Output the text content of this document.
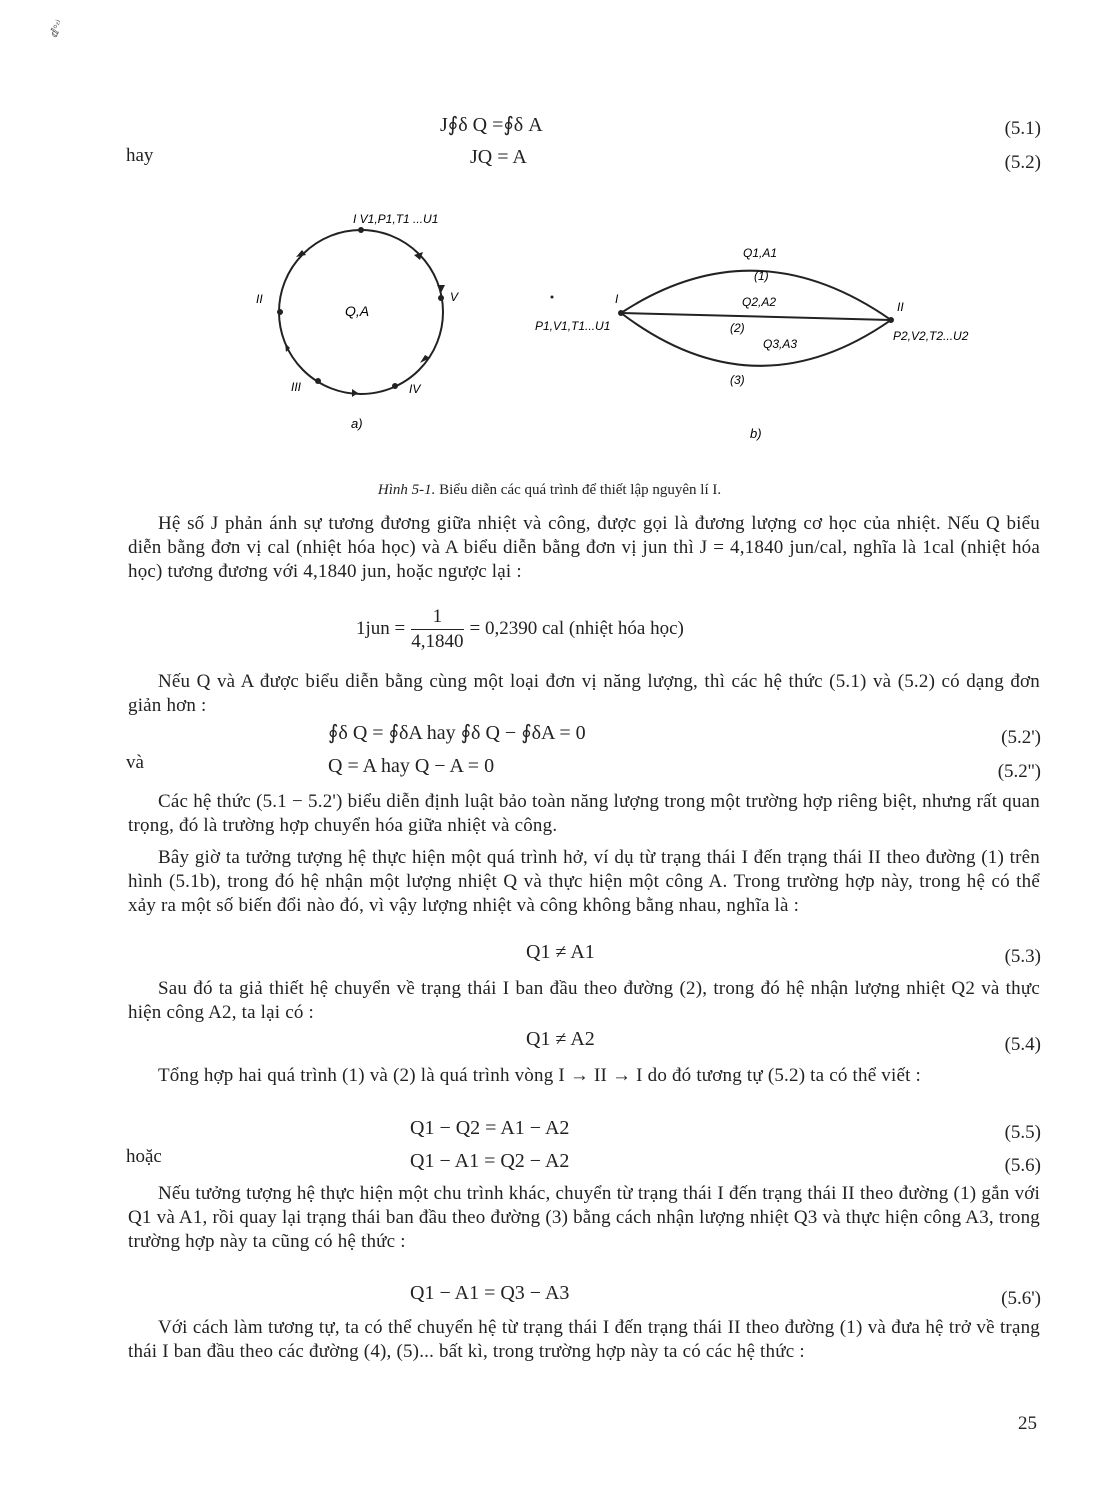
ⅆ°ᶻⁱ
J∮δ Q =∮δ A	(5.1)
hay	JQ = A	(5.2)
Q,A
I V1,P1,T1 ...U1
V
II
III	IV
a)
I
P1,V1,T1...U1
II
P2,V2,T2...U2
Q1,A1
(1)
Q2,A2
(2)
Q3,A3
(3)
b)
Hình 5-1. Biểu diễn các quá trình để thiết lập nguyên lí I.
Hệ số J phản ánh sự tương đương giữa nhiệt và công, được gọi là đương lượng cơ học của nhiệt. Nếu Q biểu diễn bằng đơn vị cal (nhiệt hóa học) và A biểu diễn bằng đơn vị jun thì J = 4,1840 jun/cal, nghĩa là 1cal (nhiệt hóa học) tương đương với 4,1840 jun, hoặc ngược lại :
$1jun = \frac{1}{4,1840} = 0,2390$ cal (nhiệt hóa học)
Nếu Q và A được biểu diễn bằng cùng một loại đơn vị năng lượng, thì các hệ thức (5.1) và (5.2) có dạng đơn giản hơn :
∮δ Q = ∮δA hay ∮δ Q − ∮δA = 0	(5.2')
và	Q = A hay Q − A = 0	(5.2'')
Các hệ thức (5.1 − 5.2') biểu diễn định luật bảo toàn năng lượng trong một trường hợp riêng biệt, nhưng rất quan trọng, đó là trường hợp chuyển hóa giữa nhiệt và công.
Bây giờ ta tưởng tượng hệ thực hiện một quá trình hở, ví dụ từ trạng thái I đến trạng thái II theo đường (1) trên hình (5.1b), trong đó hệ nhận một lượng nhiệt Q và thực hiện một công A. Trong trường hợp này, trong hệ có thể xảy ra một số biến đổi nào đó, vì vậy lượng nhiệt và công không bằng nhau, nghĩa là :
Q1 ≠ A1	(5.3)
Sau đó ta giả thiết hệ chuyển về trạng thái I ban đầu theo đường (2), trong đó hệ nhận lượng nhiệt Q2 và thực hiện công A2, ta lại có :
Q1 ≠ A2	(5.4)
Tổng hợp hai quá trình (1) và (2) là quá trình vòng I → II → I do đó tương tự (5.2) ta có thể viết :
Q1 − Q2 = A1 − A2	(5.5)
hoặc	Q1 − A1 = Q2 − A2	(5.6)
Nếu tưởng tượng hệ thực hiện một chu trình khác, chuyển từ trạng thái I đến trạng thái II theo đường (1) gắn với Q1 và A1, rồi quay lại trạng thái ban đầu theo đường (3) bằng cách nhận lượng nhiệt Q3 và thực hiện công A3, trong trường hợp này ta cũng có hệ thức :
Q1 − A1 = Q3 − A3	(5.6')
Với cách làm tương tự, ta có thể chuyển hệ từ trạng thái I đến trạng thái II theo đường (1) và đưa hệ trở về trạng thái I ban đầu theo các đường (4), (5)... bất kì, trong trường hợp này ta có các hệ thức :
25
